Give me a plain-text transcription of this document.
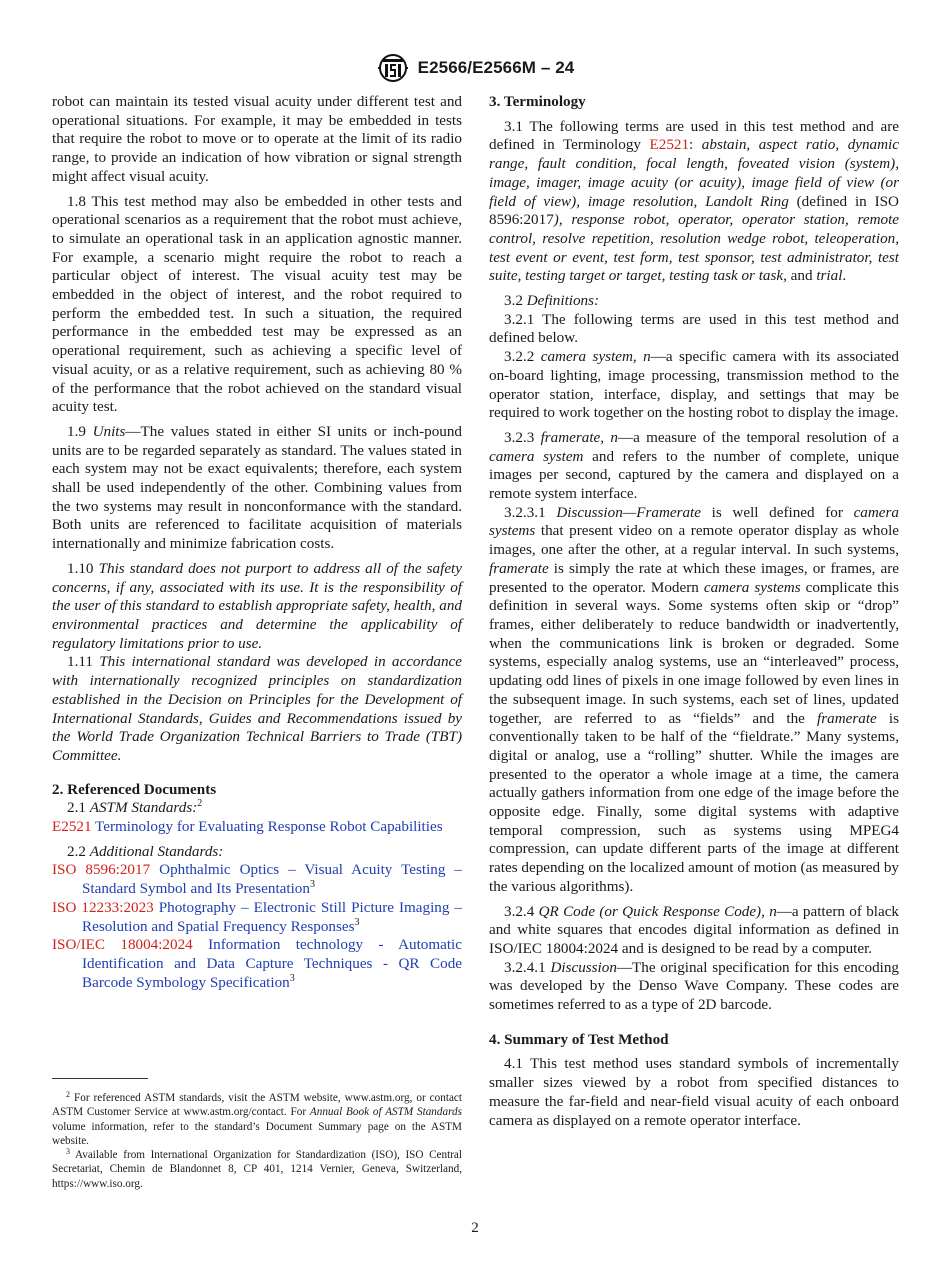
E2566/E2566M – 24

robot can maintain its tested visual acuity under different test and operational situations. For example, it may be embedded in tests that require the robot to move or to operate at the limit of its radio range, to provide an indication of how vibration or signal strength might affect visual acuity.

1.8 This test method may also be embedded in other tests and operational scenarios as a requirement that the robot must achieve, to simulate an operational task in an application agnostic manner. For example, a scenario might require the robot to reach a particular object of interest. The visual acuity test may be embedded in the object of interest, and the robot required to perform the embedded test. In such a situation, the required performance in the embedded test may be expressed as an operational requirement, such as achieving a specific level of visual acuity, or as a relative requirement, such as achieving 80 % of the performance that the robot achieved on the standard visual acuity test.

1.9 Units—The values stated in either SI units or inch-pound units are to be regarded separately as standard. The values stated in each system may not be exact equivalents; therefore, each system shall be used independently of the other. Combining values from the two systems may result in nonconformance with the standard. Both units are referenced to facilitate acquisition of materials internationally and minimize fabrication costs.

1.10 This standard does not purport to address all of the safety concerns, if any, associated with its use. It is the responsibility of the user of this standard to establish appropriate safety, health, and environmental practices and determine the applicability of regulatory limitations prior to use.

1.11 This international standard was developed in accordance with internationally recognized principles on standardization established in the Decision on Principles for the Development of International Standards, Guides and Recommendations issued by the World Trade Organization Technical Barriers to Trade (TBT) Committee.

2. Referenced Documents

2.1 ASTM Standards:$^2$

E2521 Terminology for Evaluating Response Robot Capabilities

2.2 Additional Standards:

ISO 8596:2017 Ophthalmic Optics – Visual Acuity Testing – Standard Symbol and Its Presentation$^3$

ISO 12233:2023 Photography – Electronic Still Picture Imaging – Resolution and Spatial Frequency Responses$^3$

ISO/IEC 18004:2024 Information technology - Automatic Identification and Data Capture Techniques - QR Code Barcode Symbology Specification$^3$

$^2$ For referenced ASTM standards, visit the ASTM website, www.astm.org, or contact ASTM Customer Service at www.astm.org/contact. For Annual Book of ASTM Standards volume information, refer to the standard’s Document Summary page on the ASTM website.

$^3$ Available from International Organization for Standardization (ISO), ISO Central Secretariat, Chemin de Blandonnet 8, CP 401, 1214 Vernier, Geneva, Switzerland, https://www.iso.org.

3. Terminology

3.1 The following terms are used in this test method and are defined in Terminology E2521: abstain, aspect ratio, dynamic range, fault condition, focal length, foveated vision (system), image, imager, image acuity (or acuity), image field of view (or field of view), image resolution, Landolt Ring (defined in ISO 8596:2017), response robot, operator, operator station, remote control, resolve repetition, resolution wedge robot, teleoperation, test event or event, test form, test sponsor, test administrator, test suite, testing target or target, testing task or task, and trial.

3.2 Definitions:

3.2.1 The following terms are used in this test method and defined below.

3.2.2 camera system, n—a specific camera with its associated on-board lighting, image processing, transmission method to the operator station, interface, display, and settings that may be required to work together on the hosting robot to display the image.

3.2.3 framerate, n—a measure of the temporal resolution of a camera system and refers to the number of complete, unique images per second, captured by the camera and displayed on a remote system interface.

3.2.3.1 Discussion—Framerate is well defined for camera systems that present video on a remote operator display as whole images, one after the other, at a regular interval. In such systems, framerate is simply the rate at which these images, or frames, are presented to the operator. Modern camera systems complicate this definition in several ways. Some systems often skip or “drop” frames, either deliberately to reduce bandwidth or inadvertently, when the communications link is broken or degraded. Some systems, especially analog systems, use an “interleaved” process, updating odd lines of pixels in one image followed by even lines in the subsequent image. In such systems, each set of lines, updated together, are referred to as “fields” and the framerate is conventionally taken to be half of the “fieldrate.” Many systems, digital or analog, use a “rolling” shutter. While the images are presented to the operator a whole image at a time, the camera actually gathers information from one edge of the image before the opposite edge. Finally, some digital systems with adaptive temporal compression, such as systems using MPEG4 compression, can update different parts of the image at different rates depending on the localized amount of motion (as measured by the various algorithms).

3.2.4 QR Code (or Quick Response Code), n—a pattern of black and white squares that encodes digital information as defined in ISO/IEC 18004:2024 and is designed to be read by a computer.

3.2.4.1 Discussion—The original specification for this encoding was developed by the Denso Wave Company. These codes are sometimes referred to as a type of 2D barcode.

4. Summary of Test Method

4.1 This test method uses standard symbols of incrementally smaller sizes viewed by a robot from specified distances to measure the far-field and near-field visual acuity of each onboard camera as displayed on a remote operator interface.

2
